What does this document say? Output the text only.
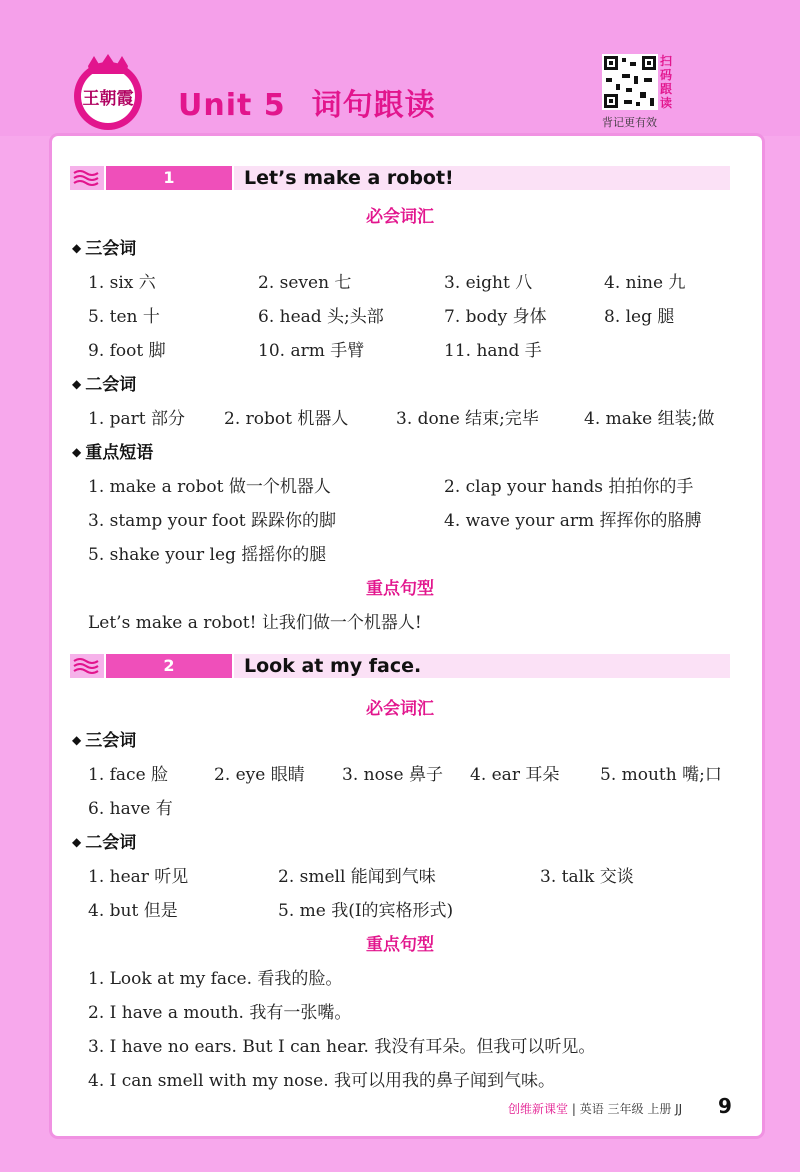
王朝霞 Unit 5 词句跟读
扫码跟读
背记更有效
1	Let’s make a robot!
必会词汇
◆ 三会词
1. six 六	2. seven 七	3. eight 八	4. nine 九
5. ten 十	6. head 头;头部	7. body 身体	8. leg 腿
9. foot 脚	10. arm 手臂	11. hand 手
◆ 二会词
1. part 部分 2. robot 机器人	3. done 结束;完毕	4. make 组装;做
◆ 重点短语
1. make a robot 做一个机器人	2. clap your hands 拍拍你的手
3. stamp your foot 跺跺你的脚	4. wave your arm 挥挥你的胳膊
5. shake your leg 摇摇你的腿
重点句型
Let’s make a robot! 让我们做一个机器人!
2	Look at my face.
必会词汇
◆ 三会词
1. face 脸	2. eye 眼睛 3. nose 鼻子 4. ear 耳朵 5. mouth 嘴;口
6. have 有
◆ 二会词
1. hear 听见	2. smell 能闻到气味	3. talk 交谈
4. but 但是	5. me 我(I的宾格形式)
重点句型
1. Look at my face. 看我的脸。
2. I have a mouth. 我有一张嘴。
3. I have no ears. But I can hear. 我没有耳朵。但我可以听见。
4. I can smell with my nose. 我可以用我的鼻子闻到气味。
创维新课堂 | 英语 三年级 上册 JJ 9
